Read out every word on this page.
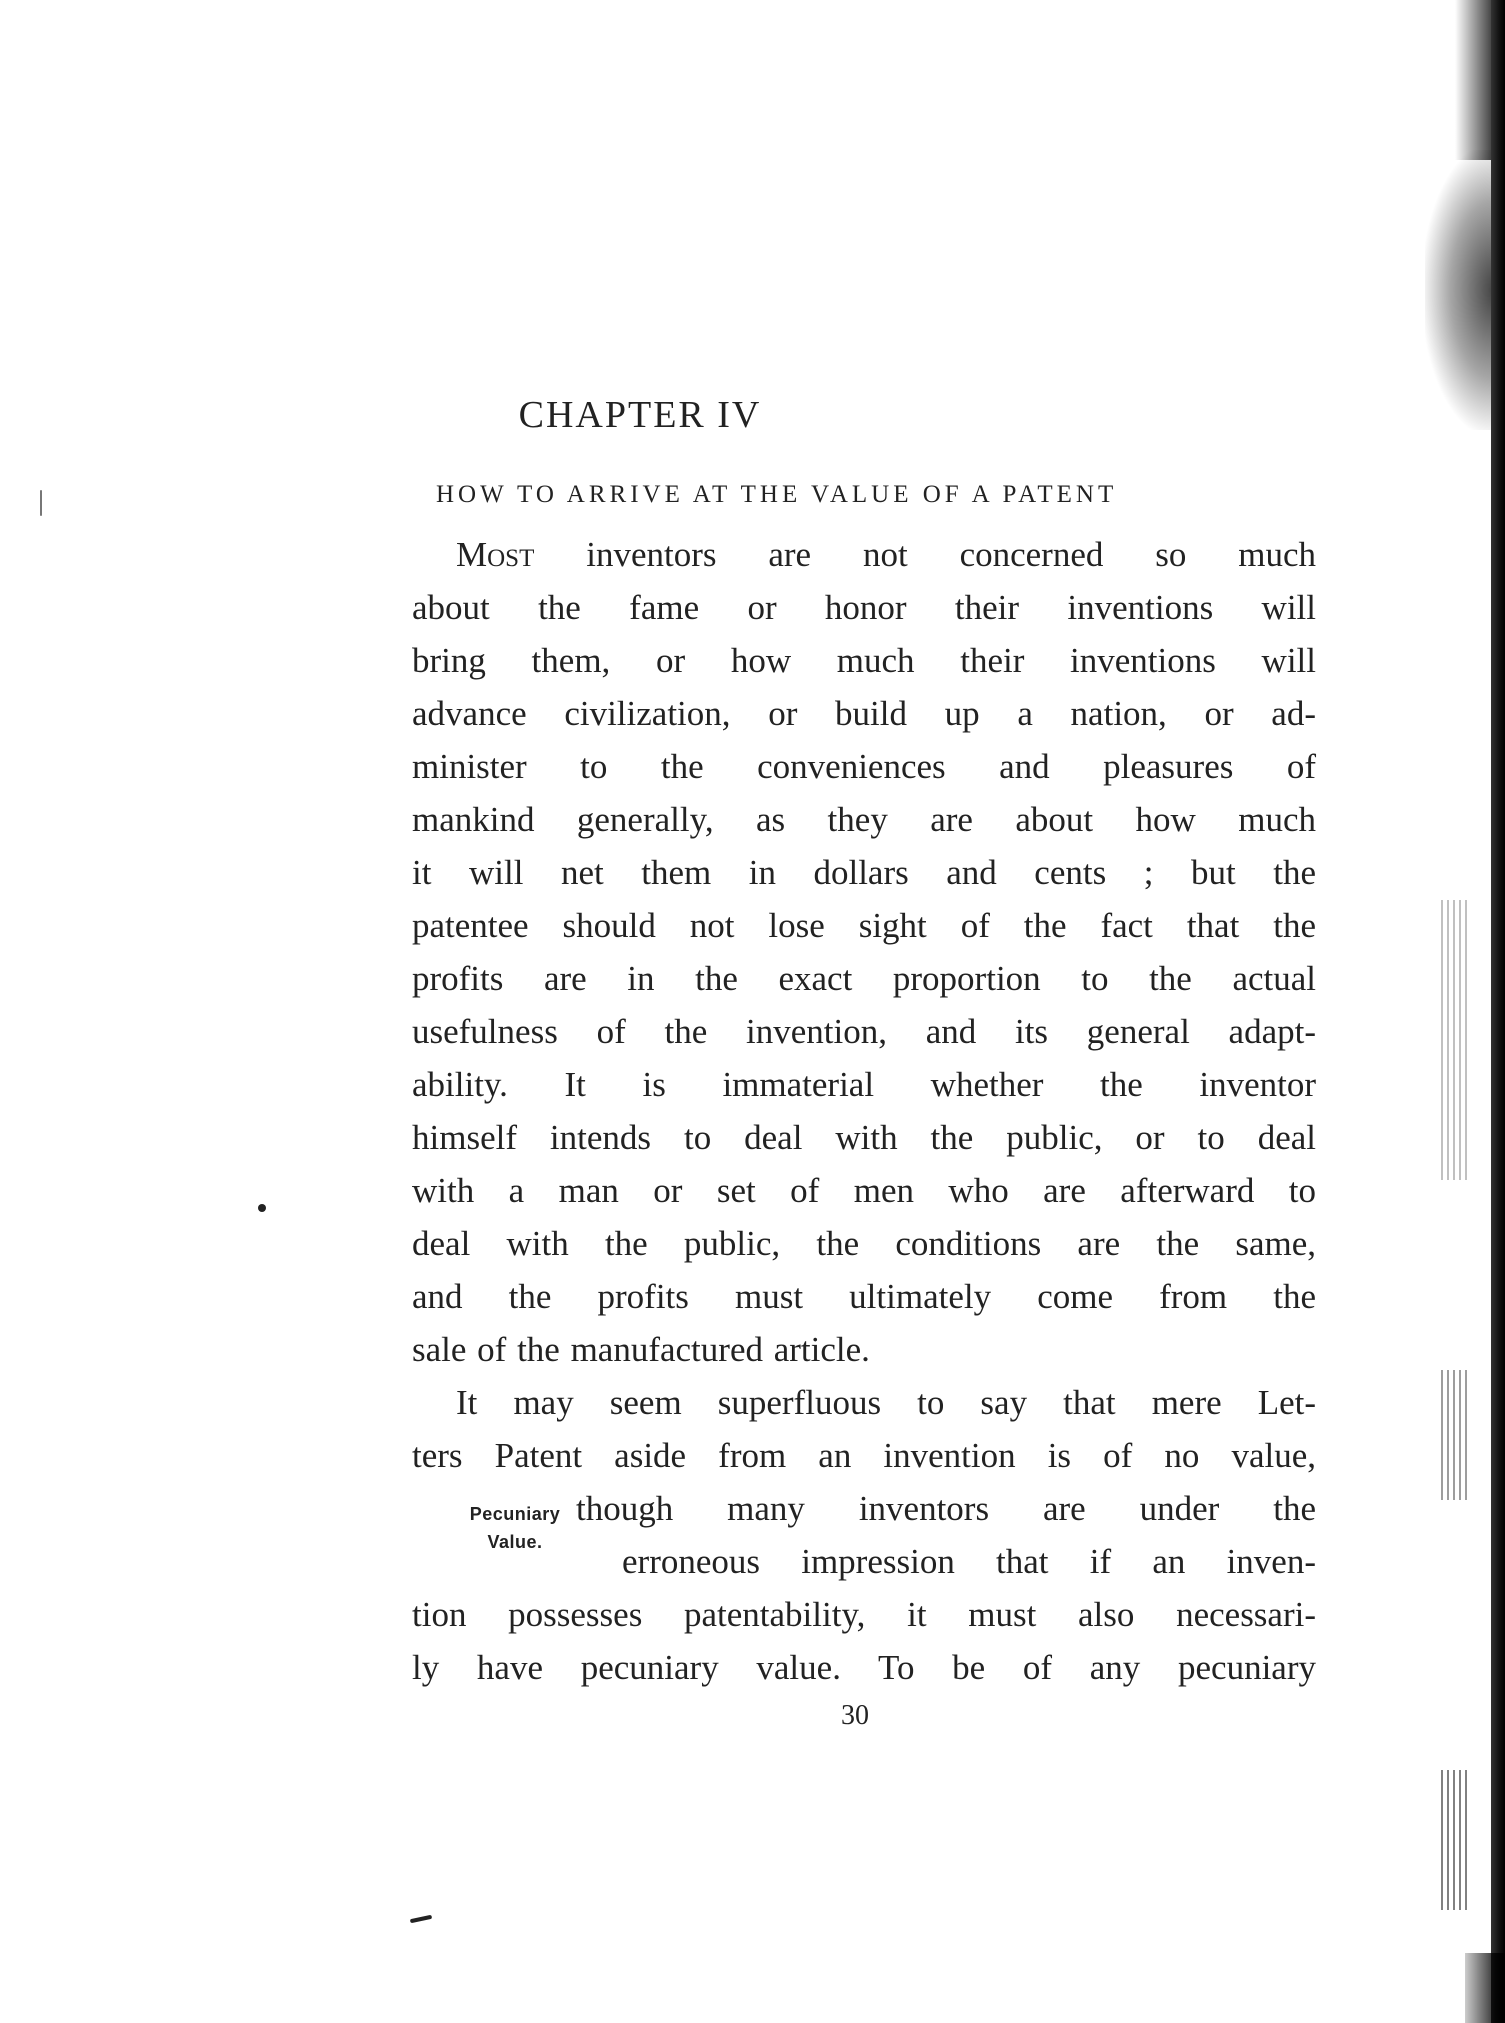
CHAPTER IV
HOW TO ARRIVE AT THE VALUE OF A PATENT
Most inventors are not concerned so much
about the fame or honor their inventions will
bring them, or how much their inventions will
advance civilization, or build up a nation, or ad-
minister to the conveniences and pleasures of
mankind generally, as they are about how much
it will net them in dollars and cents ; but the
patentee should not lose sight of the fact that the
profits are in the exact proportion to the actual
usefulness of the invention, and its general adapt-
ability. It is immaterial whether the inventor
himself intends to deal with the public, or to deal
with a man or set of men who are afterward to
deal with the public, the conditions are the same,
and the profits must ultimately come from the
sale of the manufactured article.
It may seem superfluous to say that mere Let-
ters Patent aside from an invention is of no value,
though many inventors are under the
erroneous impression that if an inven-
tion possesses patentability, it must also necessari-
ly have pecuniary value. To be of any pecuniary
Pecuniary
Value.
30
